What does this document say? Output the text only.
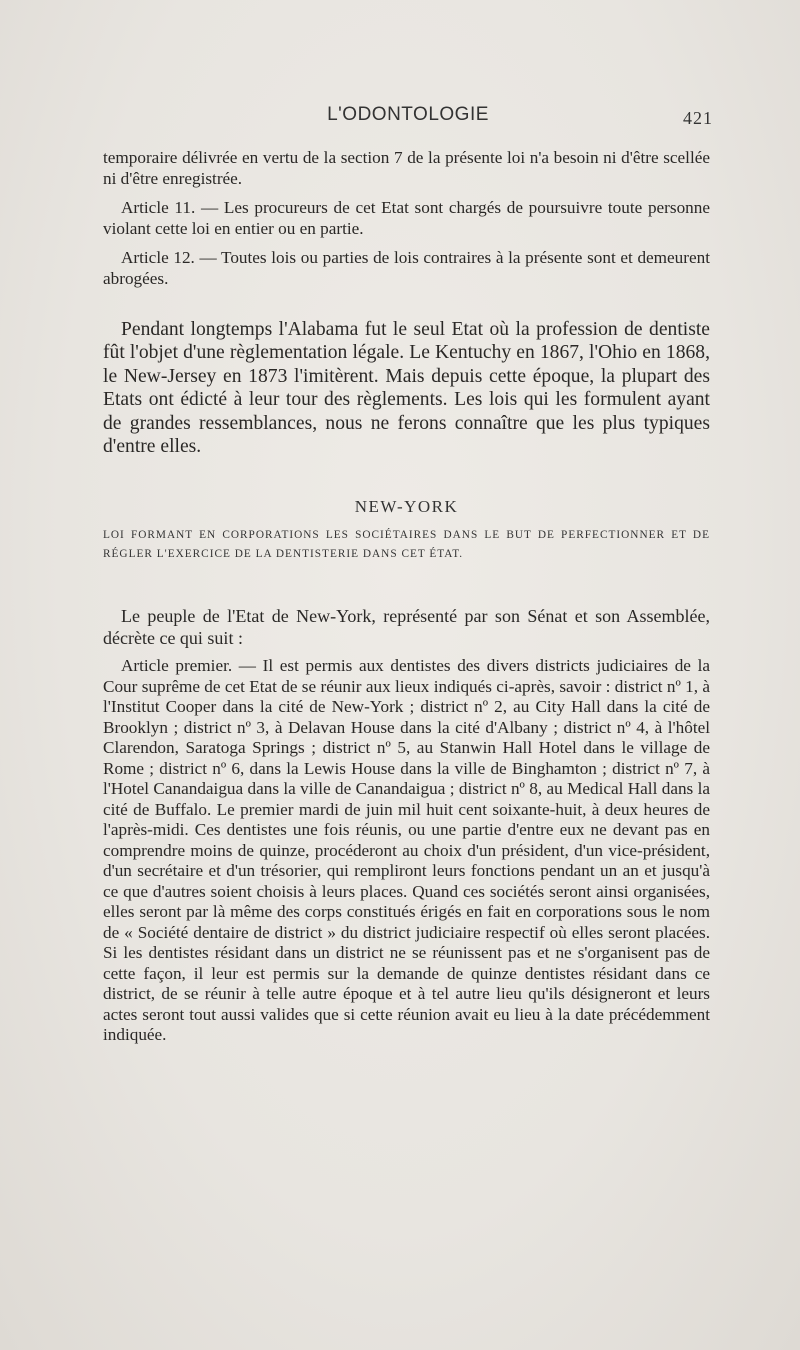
L'ODONTOLOGIE	421

temporaire délivrée en vertu de la section 7 de la présente loi n'a besoin ni d'être scellée ni d'être enregistrée.

Article 11. — Les procureurs de cet Etat sont chargés de poursuivre toute personne violant cette loi en entier ou en partie.

Article 12. — Toutes lois ou parties de lois contraires à la présente sont et demeurent abrogées.

Pendant longtemps l'Alabama fut le seul Etat où la profession de dentiste fût l'objet d'une règlementation légale. Le Kentuchy en 1867, l'Ohio en 1868, le New-Jersey en 1873 l'imitèrent. Mais depuis cette époque, la plupart des Etats ont édicté à leur tour des règlements. Les lois qui les formulent ayant de grandes ressemblances, nous ne ferons connaître que les plus typiques d'entre elles.
NEW-YORK
LOI FORMANT EN CORPORATIONS LES SOCIÉTAIRES DANS LE BUT DE PERFECTIONNER ET DE RÉGLER L'EXERCICE DE LA DENTISTERIE DANS CET ÉTAT.
Le peuple de l'Etat de New-York, représenté par son Sénat et son Assemblée, décrète ce qui suit :
Article premier. — Il est permis aux dentistes des divers districts judiciaires de la Cour suprême de cet Etat de se réunir aux lieux indiqués ci-après, savoir : district nº 1, à l'Institut Cooper dans la cité de New-York ; district nº 2, au City Hall dans la cité de Brooklyn ; district nº 3, à Delavan House dans la cité d'Albany ; district nº 4, à l'hôtel Clarendon, Saratoga Springs ; district nº 5, au Stanwin Hall Hotel dans le village de Rome ; district nº 6, dans la Lewis House dans la ville de Binghamton ; district nº 7, à l'Hotel Canandaigua dans la ville de Canandaigua ; district nº 8, au Medical Hall dans la cité de Buffalo. Le premier mardi de juin mil huit cent soixante-huit, à deux heures de l'après-midi. Ces dentistes une fois réunis, ou une partie d'entre eux ne devant pas en comprendre moins de quinze, procéderont au choix d'un président, d'un vice-président, d'un secrétaire et d'un trésorier, qui rempliront leurs fonctions pendant un an et jusqu'à ce que d'autres soient choisis à leurs places. Quand ces sociétés seront ainsi organisées, elles seront par là même des corps constitués érigés en fait en corporations sous le nom de « Société dentaire de district » du district judiciaire respectif où elles seront placées. Si les dentistes résidant dans un district ne se réunissent pas et ne s'organisent pas de cette façon, il leur est permis sur la demande de quinze dentistes résidant dans ce district, de se réunir à telle autre époque et à tel autre lieu qu'ils désigneront et leurs actes seront tout aussi valides que si cette réunion avait eu lieu à la date précédemment indiquée.
